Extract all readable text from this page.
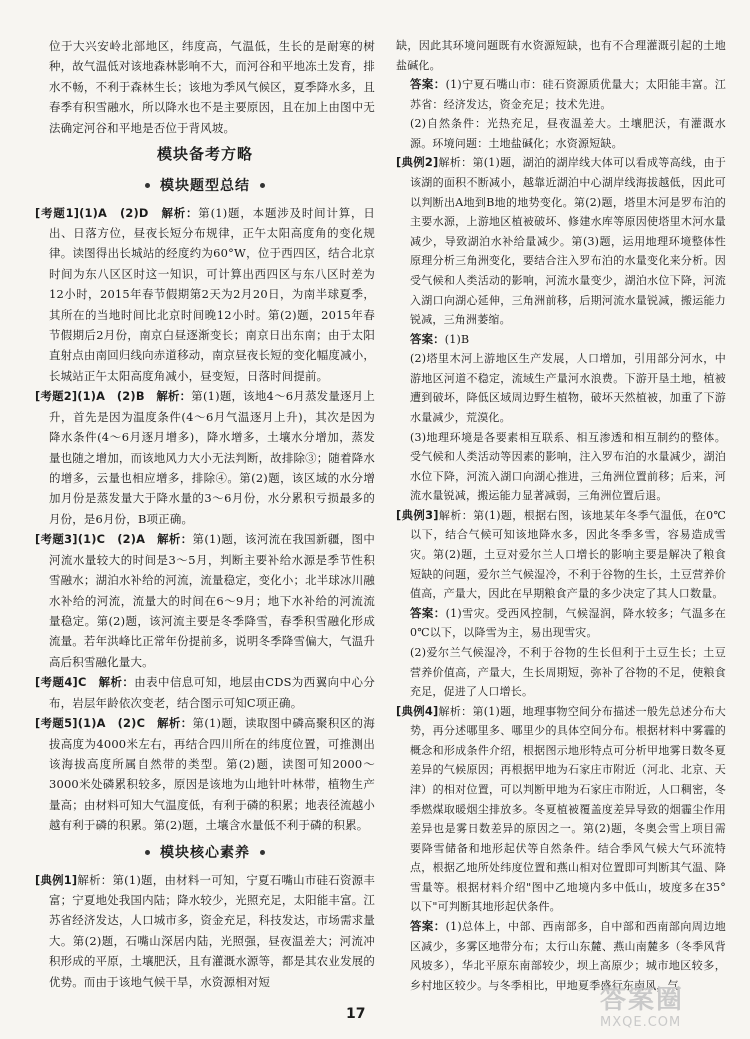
位于大兴安岭北部地区，纬度高，气温低，生长的是耐寒的树种，故气温低对该地森林影响不大，而河谷和平地冻土发育，排水不畅，不利于森林生长；该地为季风气候区，夏季降水多，且春季有积雪融水，所以降水也不是主要原因，且在加上由图中无法确定河谷和平地是否位于背风坡。

模块备考方略
模块题型总结

[考题1](1)A　(2)D　解析：第(1)题，本题涉及时间计算，日出、日落方位，昼夜长短分布规律，正午太阳高度角的变化规律。读图得出长城站的经度约为60°W，位于西四区，结合北京时间为东八区区时这一知识，可计算出西四区与东八区时差为12小时，2015年春节假期第2天为2月20日，为南半球夏季，其所在的当地时间比北京时间晚12小时。第(2)题，2015年春节假期后2月份，南京白昼逐渐变长；南京日出东南；由于太阳直射点由南回归线向赤道移动，南京昼夜长短的变化幅度减小，长城站正午太阳高度角减小，昼变短，日落时间提前。

[考题2](1)A　(2)B　解析：第(1)题，该地4～6月蒸发量逐月上升，首先是因为温度条件(4～6月气温逐月上升)，其次是因为降水条件(4～6月逐月增多)，降水增多，土壤水分增加，蒸发量也随之增加，而该地风力大小无法判断，故排除③；随着降水的增多，云量也相应增多，排除④。第(2)题，该区域的水分增加月份是蒸发量大于降水量的3～6月份，水分累积亏损最多的月份，是6月份，B项正确。

[考题3](1)C　(2)A　解析：第(1)题，该河流在我国新疆，图中河流水量较大的时间是3～5月，判断主要补给水源是季节性积雪融水；湖泊水补给的河流，流量稳定，变化小；北半球冰川融水补给的河流，流量大的时间在6～9月；地下水补给的河流流量稳定。第(2)题，该河流主要是冬季降雪，春季积雪融化形成流量。若年洪峰比正常年份提前多，说明冬季降雪偏大，气温升高后积雪融化量大。

[考题4]C　解析：由表中信息可知，地层由CDS为西翼向中心分布，岩层年龄依次变老，结合图示可知C项正确。

[考题5](1)A　(2)C　解析：第(1)题，读取图中磷高聚积区的海拔高度为4000米左右，再结合四川所在的纬度位置，可推测出该海拔高度所属自然带的类型。第(2)题，读图可知2000～3000米处磷累积较多，原因是该地为山地针叶林带，植物生产量高；由材料可知大气温度低，有利于磷的积累；地表径流越小越有利于磷的积累。第(2)题，土壤含水量低不利于磷的积累。

模块核心素养

[典例1]解析：第(1)题，由材料一可知，宁夏石嘴山市硅石资源丰富；宁夏地处我国内陆；降水较少，光照充足，太阳能丰富。江苏省经济发达，人口城市多，资金充足，科技发达，市场需求量大。第(2)题，石嘴山深居内陆，光照强，昼夜温差大；河流冲积形成的平原，土壤肥沃，且有灌溉水源等，都是其农业发展的优势。而由于该地气候干旱，水资源相对短

缺，因此其环境问题既有水资源短缺，也有不合理灌溉引起的土地盐碱化。

答案：(1)宁夏石嘴山市：硅石资源质优量大；太阳能丰富。江苏省：经济发达，资金充足；技术先进。

(2)自然条件：光热充足，昼夜温差大。土壤肥沃，有灌溉水源。环境问题：土地盐碱化；水资源短缺。

[典例2]解析：第(1)题，湖泊的湖岸线大体可以看成等高线，由于该湖的面积不断减小，越靠近湖泊中心湖岸线海拔越低，因此可以判断出A地到B地的地势变化。第(2)题，塔里木河是罗布泊的主要水源，上游地区植被破坏、修建水库等原因使塔里木河水量减少，导致湖泊水补给量减少。第(3)题，运用地理环境整体性原理分析三角洲变化，要结合注入罗布泊的水量变化来分析。因受气候和人类活动的影响，河流水量变少，湖泊水位下降，河流入湖口向湖心延伸，三角洲前移，后期河流水量锐减，搬运能力锐减，三角洲萎缩。

答案：(1)B

(2)塔里木河上游地区生产发展，人口增加，引用部分河水，中游地区河道不稳定，流域生产量河水浪费。下游开垦土地，植被遭到破坏，降低区域周边野生植物，破坏天然植被，加重了下游水量减少，荒漠化。

(3)地理环境是各要素相互联系、相互渗透和相互制约的整体。受气候和人类活动等因素的影响，注入罗布泊的水量减少，湖泊水位下降，河流入湖口向湖心推进，三角洲位置前移；后来，河流水量锐减，搬运能力显著减弱，三角洲位置后退。

[典例3]解析：第(1)题，根据右图，该地某年冬季气温低，在0℃以下，结合气候可知该地降水多，因此冬季多雪，容易造成雪灾。第(2)题，土豆对爱尔兰人口增长的影响主要是解决了粮食短缺的问题，爱尔兰气候湿冷，不利于谷物的生长，土豆营养价值高，产量大，因此在早期粮食产量的多少决定了其人口数量。

答案：(1)雪灾。受西风控制，气候湿润，降水较多；气温多在0℃以下，以降雪为主，易出现雪灾。

(2)爱尔兰气候湿冷，不利于谷物的生长但利于土豆生长；土豆营养价值高，产量大，生长周期短，弥补了谷物的不足，使粮食充足，促进了人口增长。

[典例4]解析：第(1)题，地理事物空间分布描述一般先总述分布大势，再分述哪里多、哪里少的具体空间分布。根据材料中雾霾的概念和形成条件介绍，根据图示地形特点可分析甲地雾日数冬夏差异的气候原因；再根据甲地为石家庄市附近（河北、北京、天津）的相对位置，可以判断甲地为石家庄市附近，人口稠密，冬季燃煤取暖烟尘排放多。冬夏植被覆盖度差异导致的烟霾尘作用差异也是雾日数差异的原因之一。第(2)题，冬奥会雪上项目需要降雪储备和地形起伏等自然条件。结合季风气候大气环流特点，根据乙地所处纬度位置和燕山相对位置即可判断其气温、降雪量等。根据材料介绍"图中乙地境内多中低山，坡度多在35°以下"可判断其地形起伏条件。

答案：(1)总体上，中部、西南部多，自中部和西南部向周边地区减少，多雾区地带分布；太行山东麓、燕山南麓多（冬季风背风坡多），华北平原东南部较少，坝上高原少；城市地区较多，乡村地区较少。与冬季相比，甲地夏季盛行东南风，气

17	答案圈
MXQE.COM
